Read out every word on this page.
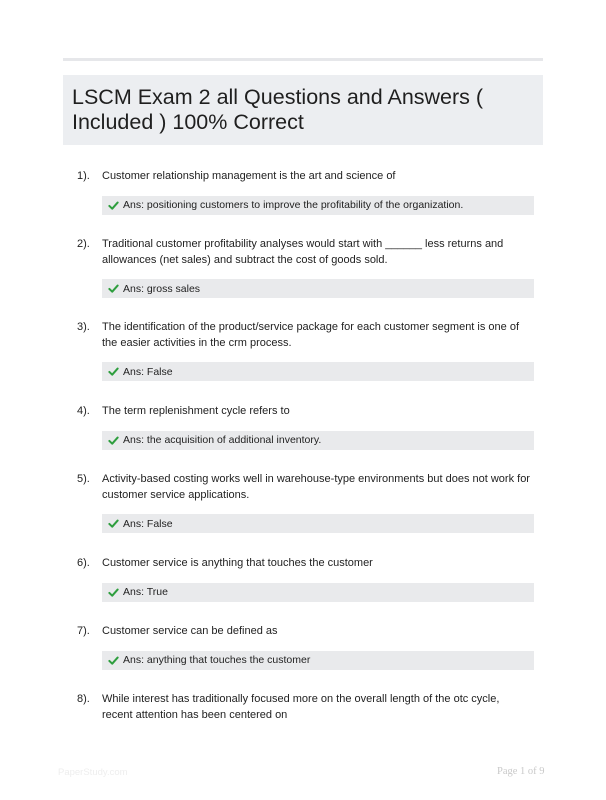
LSCM Exam 2 all Questions and Answers ( Included ) 100% Correct
1). Customer relationship management is the art and science of
Ans: positioning customers to improve the profitability of the organization.
2). Traditional customer profitability analyses would start with ______ less returns and allowances (net sales) and subtract the cost of goods sold.
Ans: gross sales
3). The identification of the product/service package for each customer segment is one of the easier activities in the crm process.
Ans: False
4). The term replenishment cycle refers to
Ans: the acquisition of additional inventory.
5). Activity-based costing works well in warehouse-type environments but does not work for customer service applications.
Ans: False
6). Customer service is anything that touches the customer
Ans: True
7). Customer service can be defined as
Ans: anything that touches the customer
8). While interest has traditionally focused more on the overall length of the otc cycle, recent attention has been centered on
PaperStudy.com	Page 1 of 9
